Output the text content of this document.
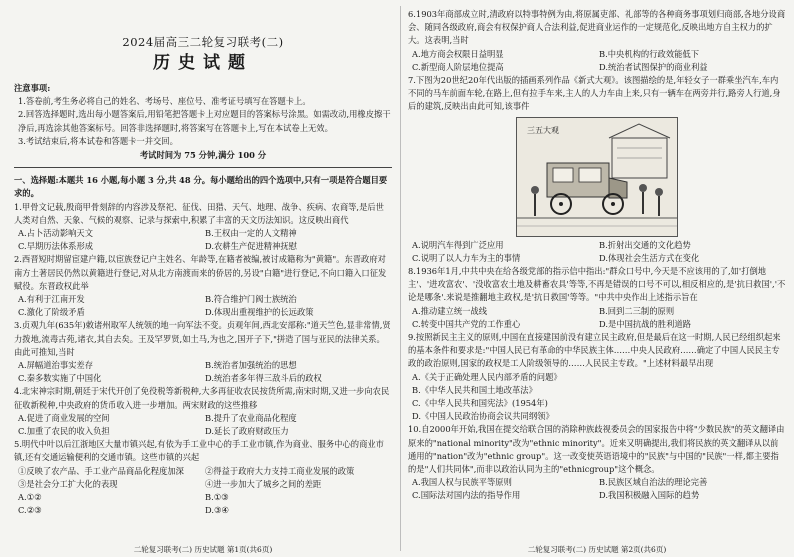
2024届高三二轮复习联考(二)
历史试题
注意事项:
1.答卷前,考生务必将自己的姓名、考场号、座位号、准考证号填写在答题卡上。
2.回答选择题时,选出每小题答案后,用铅笔把答题卡上对应题目的答案标号涂黑。如需改动,用橡皮擦干净后,再选涂其他答案标号。回答非选择题时,将答案写在答题卡上,写在本试卷上无效。
3.考试结束后,将本试卷和答题卡一并交回。
考试时间为 75 分钟,满分 100 分
一、选择题:本题共 16 小题,每小题 3 分,共 48 分。每小题给出的四个选项中,只有一项是符合题目要求的。
1.甲骨文记载,殷商甲骨刻辞的内容涉及祭祀、征伐、田猎、天气、地理、战争、疾病、农商等,是后世人类对自然、天象、气候的观察、记录与探索中,积累了丰富的天文历法知识。这反映出商代
A.占卜活动影响天文	B.王权由一定的人文精神
C.早期历法体系形成	D.农耕生产促进精神抚慰
2.西晋短时期留宦建户籍,以宦族登记户主姓名、年龄等,在籍者被编,被讨成籍称为"黄籍"。东晋政府对南方土著居民仍然以黄籍进行登记,对从北方南渡而来的侨居的,另设"白籍"进行登记,不向口籍入口征发赋役。东晋政权此举
A.有利于江南开发	B.符合维护门阀士族统治
C.激化了阶级矛盾	D.体现出重视维护的长远政策
3.贞观九年(635年)敕诸州取军人统领的地一向军法不变。贞观年间,西北安部称:"道天竺色,显非常情,贤力拨地,流毒古苑,诸衣,其自去矣。王及罕罗贤,如土马,为也之,国开子下,"拼造了国与亚民的法律关系。由此可推知,当时
A.屏幅道治事实差存	B.统治者加强统治的思想
C.秦多数实施了中国化	D.统治者多年得三敌斗后的政权
4.北宋神宗时期,朝廷于宋代开创了免役税等新税种,大多再征收农民按货所需,南宋时期,又进一步向农民征收新税种,中央政府的货币收入进一步增加。两宋财政的这些推移
A.促进了商业发展的空间	B.提升了农业商品化程度
C.加重了农民的收入负担	D.延长了政府财政压力
5.明代中叶以后江浙地区大量市镇兴起,有依为手工业中心的手工业市镇,作为商业、服务中心的商业市镇,还有交通运输便利的交通市镇。这些市镇的兴起
①反映了农产品、手工业产品商品化程度加深	②得益于政府大力支持工商业发展的政策
③是社会分工扩大化的表现	④进一步加大了城乡之间的差距
A.①②	B.①③
C.②③	D.③④
6.1903年商部成立时,清政府以特事特例为由,将原属吏部、礼部等的各种商务事项划归商部,各地分设商会、随同各级政府,商会有权保护商人合法利益,促进商业运作的一定规范化,反映出地方自主权力的扩大。这表明,当时
A.地方商会权限日益明显	B.中央机构的行政效能低下
C.新型商人阶层地位提高	D.统治者试图保护的商业利益
7.下图为20世纪20年代出版的插画系列作品《新式大观》。该图描绘的是,年轻女子一群乘坐汽车,车内不同的马车前面车轮,在路上,但有拉手车来,主人的人力车由上来,只有一辆车在两旁并行,路旁人行道,身后的建筑,反映出由此可知,该事件
三五大观
A.说明汽车得到广泛应用	B.折射出交通的文化趋势
C.说明了以人力车为主的事情	D.体现社会生活方式在变化
8.1936年1月,中共中央在给各级党部的指示信中指出:"群众口号中,今天是不应该用的了,如'打倒地主'、'进攻富农'、'没收富农土地及耕畜农具'等等,不再是错误的口号不可以,相反相应的,是'抗日救国','不论是哪条'.来说是推翻地主政权,是'抗日救国'等等。"中共中央作出上述指示旨在
A.推动建立统一战线	B.回到二三制的原则
C.转变中国共产党的工作重心	D.是中国抗战的胜利道路
9.按照新民主主义的原则,中国在直接建国前没有建立民主政府,但是最后在这一时期,人民已经组织起来的基本条件和要求是:"中国人民已有革命的中华民族主体……中央人民政府……确定了中国人民民主专政的政治原则,国家的政权是工人阶级领导的……人民民主专政。"上述材料最早出现
A.《关于正确处理人民内部矛盾的问题》
B.《中华人民共和国土地改革法》
C.《中华人民共和国宪法》(1954年)
D.《中国人民政治协商会议共同纲领》
10.自2000年开始,我国在提交给联合国的消除种族歧视委员会的国家报告中将"少数民族"的英文翻译由原来的"national minority"改为"ethnic minority"。近来又明确提出,我们将民族的英文翻译从以前通用的"nation"改为"ethnic group"。这一改变使英语语境中的"民族"与中国的"民族"一样,都主要指的是"人们共同体",而非以政治认同为主的"ethnicgroup"这个概念。
A.我国人权与民族平等原则	B.民族区域自治法的理论完善
C.国际法对国内法的指导作用	D.我国积极融入国际的趋势
二轮复习联考(二) 历史试题 第1页(共6页)	二轮复习联考(二) 历史试题 第2页(共6页)
